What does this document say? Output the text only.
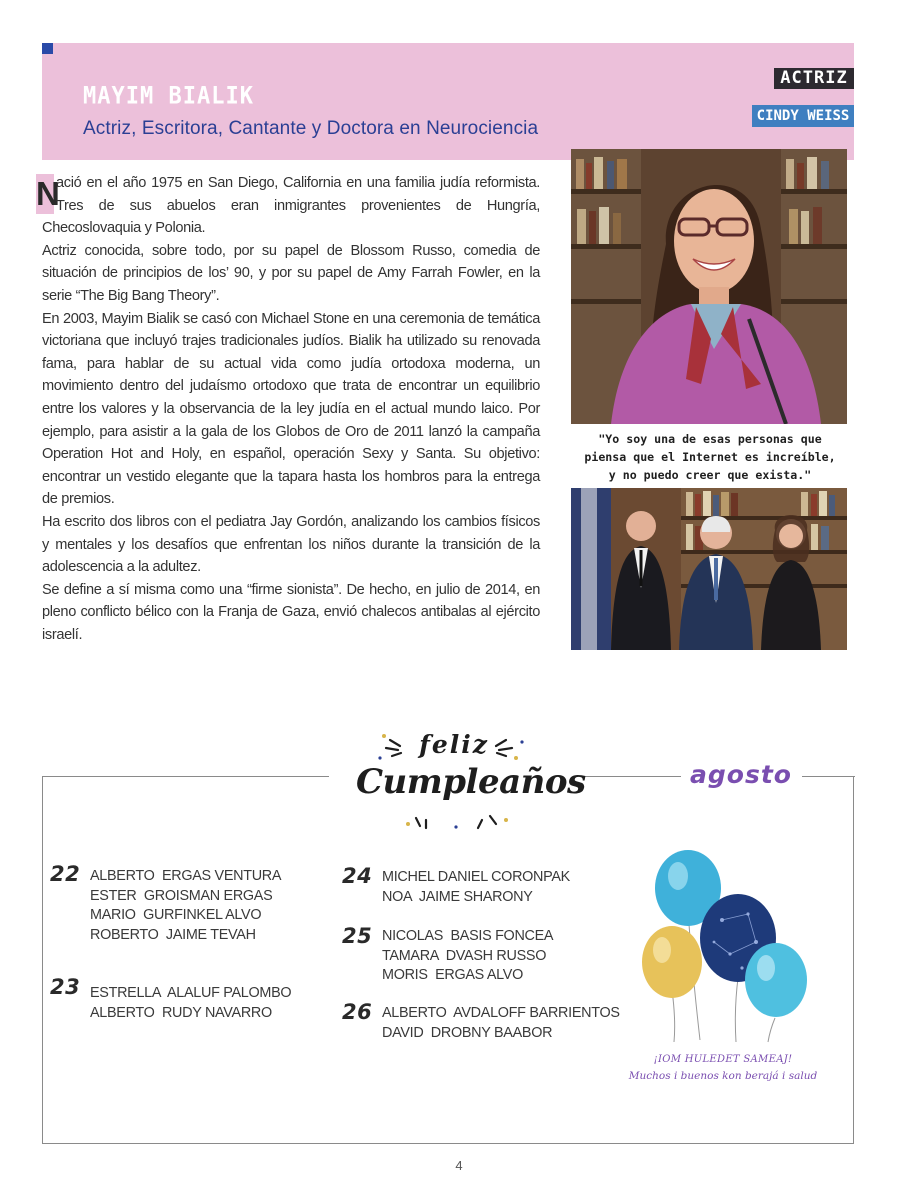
MAYIM BIALIK
Actriz, Escritora, Cantante y Doctora en Neurociencia
ACTRIZ
CINDY WEISS

N
ació en el año 1975 en San Diego, California en una familia judía reformista. Tres de sus abuelos eran inmigrantes provenientes de Hungría, Checoslovaquia y Polonia.

Actriz conocida, sobre todo, por su papel de Blossom Russo, comedia de situación de principios de los’ 90, y por su papel de Amy Farrah Fowler, en la serie “The Big Bang Theory”.

En 2003, Mayim Bialik se casó con Michael Stone en una ceremonia de temática victoriana que incluyó trajes tradicionales judíos. Bialik ha utilizado su renovada fama, para hablar de su actual vida como judía ortodoxa moderna, un movimiento dentro del judaísmo ortodoxo que trata de encontrar un equilibrio entre los valores y la observancia de la ley judía en el actual mundo laico. Por ejemplo, para asistir a la gala de los Globos de Oro de 2011 lanzó la campaña Operation Hot and Holy, en español, operación Sexy y Santa. Su objetivo: encontrar un vestido elegante que la tapara hasta los hombros para la entrega de premios.

Ha escrito dos libros con el pediatra Jay Gordón, analizando los cambios físicos y mentales y los desafíos que enfrentan los niños durante la transición de la adolescencia a la adultez.

Se define a sí misma como una “firme sionista”. De hecho, en julio de 2014, en pleno conflicto bélico con la Franja de Gaza, envió chalecos antibalas al ejército israelí.

"Yo soy una de esas personas que
piensa que el Internet es increíble,
y no puedo creer que exista."
feliz
Cumpleaños	agosto
22 ALBERTO  ERGAS VENTURA
ESTER  GROISMAN ERGAS
MARIO  GURFINKEL ALVO
ROBERTO  JAIME TEVAH
23 ESTRELLA  ALALUF PALOMBO
ALBERTO  RUDY NAVARRO
24 MICHEL DANIEL CORONPAK
NOA  JAIME SHARONY
25 NICOLAS  BASIS FONCEA
TAMARA  DVASH RUSSO
MORIS  ERGAS ALVO
26 ALBERTO  AVDALOFF BARRIENTOS
DAVID  DROBNY BAABOR
¡IOM HULEDET SAMEAJ!
Muchos i buenos kon berajá i salud
4
